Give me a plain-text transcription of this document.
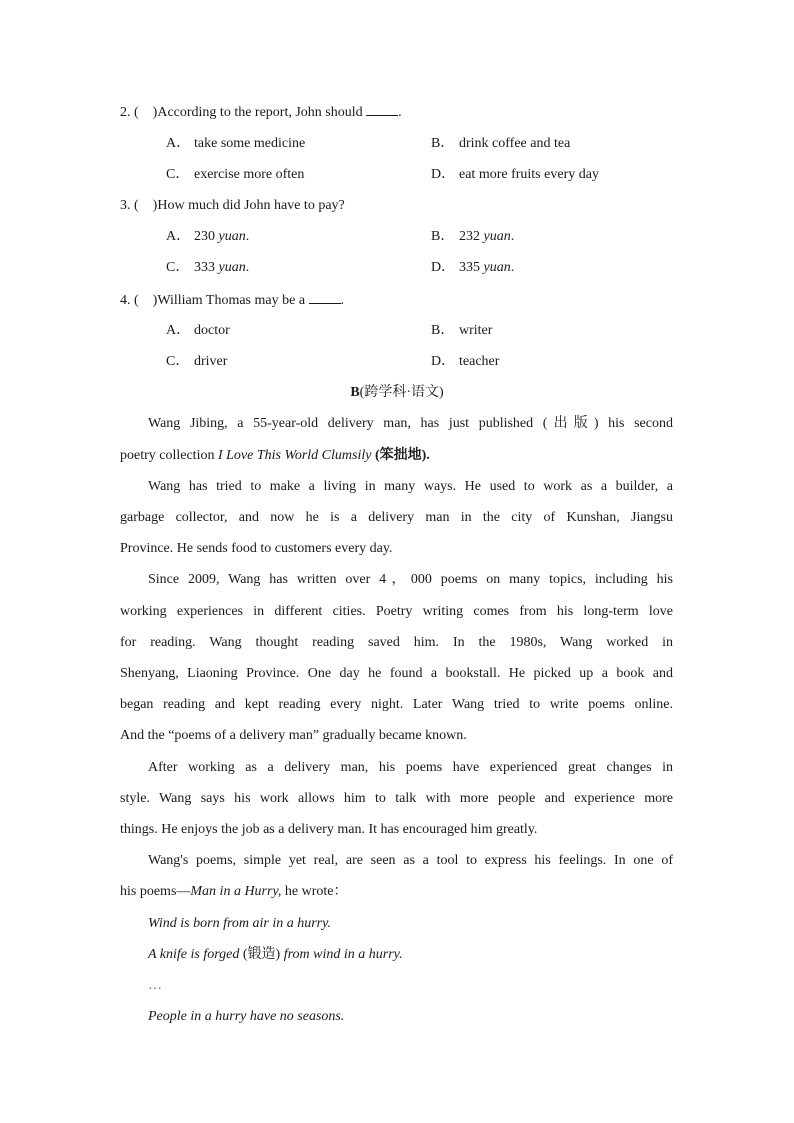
2. ( )According to the report, John should .
A． take some medicine	B． drink coffee and tea
C． exercise more often	D． eat more fruits every day
3. ( )How much did John have to pay?
A． 230 yuan.	B． 232 yuan.
C． 333 yuan.	D． 335 yuan.
4. ( )William Thomas may be a .
A． doctor	B． writer
C． driver	D． teacher
B(跨学科·语文)
Wang Jibing, a 55-year-old delivery man, has just published (出版) his second
poetry collection I Love This World Clumsily (笨拙地).
Wang has tried to make a living in many ways. He used to work as a builder, a
garbage collector, and now he is a delivery man in the city of Kunshan, Jiangsu
Province. He sends food to customers every day.
Since 2009, Wang has written over 4，000 poems on many topics, including his
working experiences in different cities. Poetry writing comes from his long-term love
for reading. Wang thought reading saved him. In the 1980s, Wang worked in
Shenyang, Liaoning Province. One day he found a bookstall. He picked up a book and
began reading and kept reading every night. Later Wang tried to write poems online.
And the “poems of a delivery man” gradually became known.
After working as a delivery man, his poems have experienced great changes in
style. Wang says his work allows him to talk with more people and experience more
things. He enjoys the job as a delivery man. It has encouraged him greatly.
Wang's poems, simple yet real, are seen as a tool to express his feelings. In one of
his poems—Man in a Hurry, he wrote：
Wind is born from air in a hurry.
A knife is forged (锻造) from wind in a hurry.
…
People in a hurry have no seasons.
